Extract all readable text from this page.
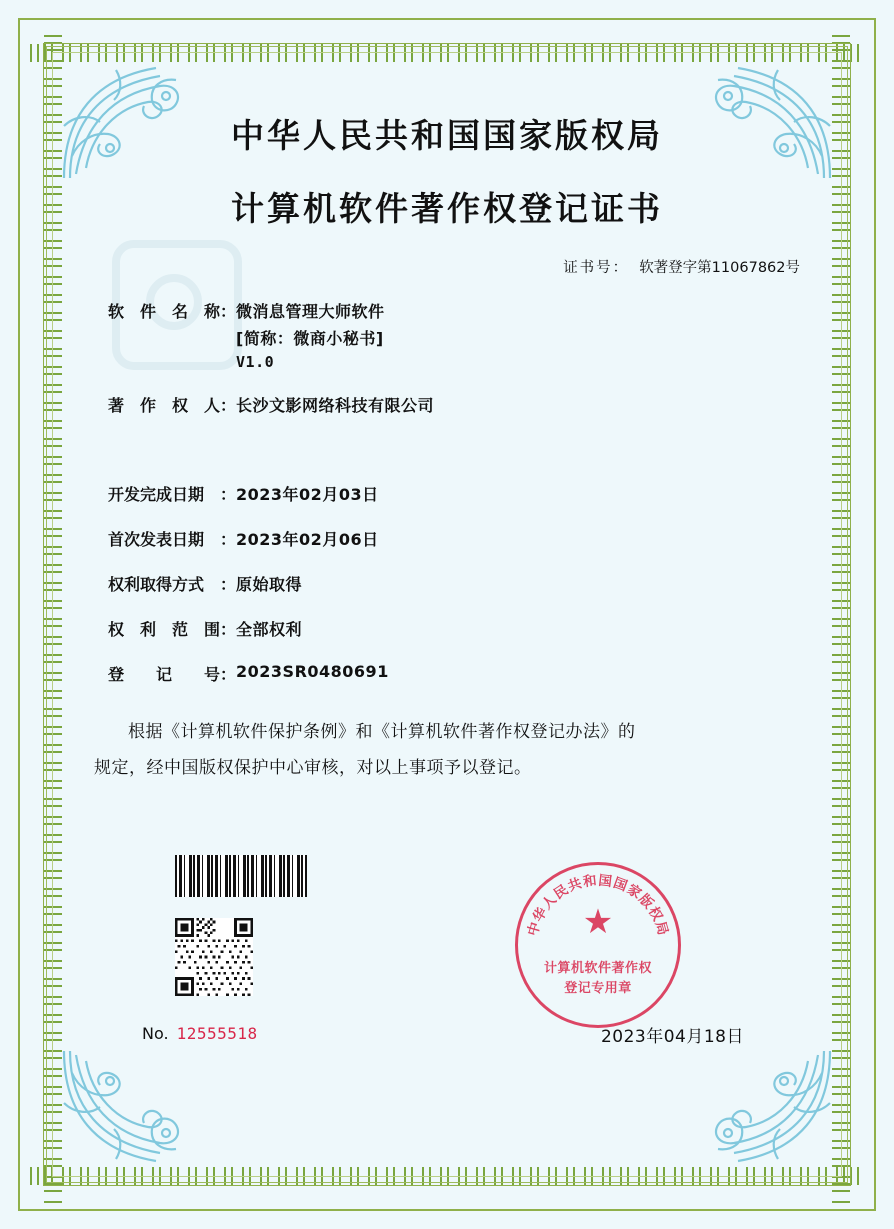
中华人民共和国国家版权局
计算机软件著作权登记证书
证书号： 软著登字第11067862号
软 件 名 称 ： 微消息管理大师软件
[简称：微商小秘书]
V1.0
著 作 权 人 ： 长沙文影网络科技有限公司
开发完成日期 ： 2023年02月03日
首次发表日期 ： 2023年02月06日
权利取得方式 ： 原始取得
权 利 范 围 ： 全部权利
登 记 号 ： 2023SR0480691
根据《计算机软件保护条例》和《计算机软件著作权登记办法》的
规定，经中国版权保护中心审核，对以上事项予以登记。
中华人民共和国国家版权局
★
计算机软件著作权
登记专用章
No. 12555518	2023年04月18日
